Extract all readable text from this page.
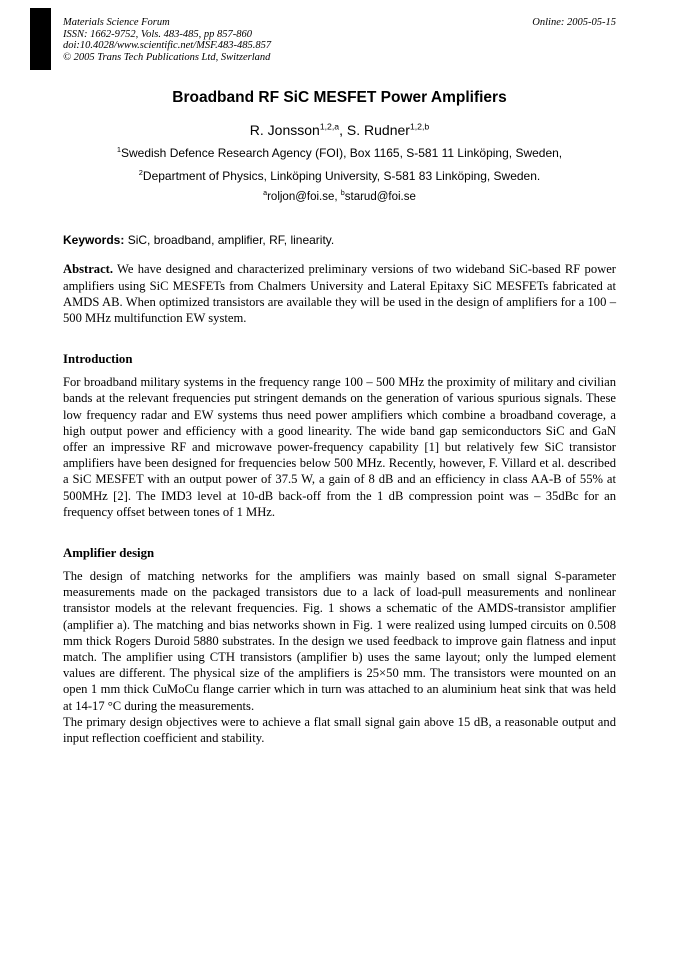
Materials Science Forum
ISSN: 1662-9752, Vols. 483-485, pp 857-860
doi:10.4028/www.scientific.net/MSF.483-485.857
© 2005 Trans Tech Publications Ltd, Switzerland
Online: 2005-05-15
Broadband RF SiC MESFET Power Amplifiers
R. Jonsson$^{1,2,a}$, S. Rudner$^{1,2,b}$
$^1$Swedish Defence Research Agency (FOI), Box 1165, S-581 11 Linköping, Sweden,
$^2$Department of Physics, Linköping University, S-581 83 Linköping, Sweden.
$^a$roljon@foi.se, $^b$starud@foi.se
Keywords: SiC, broadband, amplifier, RF, linearity.
Abstract. We have designed and characterized preliminary versions of two wideband SiC-based RF power amplifiers using SiC MESFETs from Chalmers University and Lateral Epitaxy SiC MESFETs fabricated at AMDS AB. When optimized transistors are available they will be used in the design of amplifiers for a 100 – 500 MHz multifunction EW system.
Introduction
For broadband military systems in the frequency range 100 – 500 MHz the proximity of military and civilian bands at the relevant frequencies put stringent demands on the generation of various spurious signals. These low frequency radar and EW systems thus need power amplifiers which combine a broadband coverage, a high output power and efficiency with a good linearity. The wide band gap semiconductors SiC and GaN offer an impressive RF and microwave power-frequency capability [1] but relatively few SiC transistor amplifiers have been designed for frequencies below 500 MHz. Recently, however, F. Villard et al. described a SiC MESFET with an output power of 37.5 W, a gain of 8 dB and an efficiency in class AA-B of 55% at 500MHz [2]. The IMD3 level at 10-dB back-off from the 1 dB compression point was – 35dBc for an frequency offset between tones of 1 MHz.
Amplifier design
The design of matching networks for the amplifiers was mainly based on small signal S-parameter measurements made on the packaged transistors due to a lack of load-pull measurements and nonlinear transistor models at the relevant frequencies. Fig. 1 shows a schematic of the AMDS-transistor amplifier (amplifier a). The matching and bias networks shown in Fig. 1 were realized using lumped circuits on 0.508 mm thick Rogers Duroid 5880 substrates. In the design we used feedback to improve gain flatness and input match. The amplifier using CTH transistors (amplifier b) uses the same layout; only the lumped element values are different. The physical size of the amplifiers is 25×50 mm. The transistors were mounted on an open 1 mm thick CuMoCu flange carrier which in turn was attached to an aluminium heat sink that was held at 14-17 °C during the measurements.
The primary design objectives were to achieve a flat small signal gain above 15 dB, a reasonable output and input reflection coefficient and stability.
